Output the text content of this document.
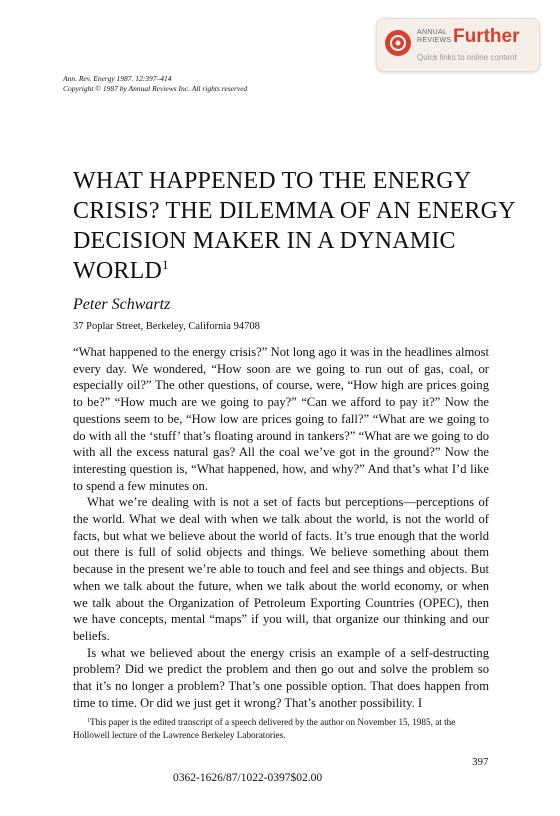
ANNUAL
REVIEWS Further
Quick links to online content
Ann. Rev. Energy 1987. 12:397–414
Copyright © 1987 by Annual Reviews Inc. All rights reserved
WHAT HAPPENED TO THE ENERGY CRISIS? THE DILEMMA OF AN ENERGY DECISION MAKER IN A DYNAMIC WORLD$^1$
Peter Schwartz
37 Poplar Street, Berkeley, California 94708

“What happened to the energy crisis?” Not long ago it was in the headlines almost every day. We wondered, “How soon are we going to run out of gas, coal, or especially oil?” The other questions, of course, were, “How high are prices going to be?” “How much are we going to pay?” “Can we afford to pay it?” Now the questions seem to be, “How low are prices going to fall?” “What are we going to do with all the ‘stuff’ that’s floating around in tankers?” “What are we going to do with all the excess natural gas? All the coal we’ve got in the ground?” Now the interesting question is, “What happened, how, and why?” And that’s what I’d like to spend a few minutes on.

What we’re dealing with is not a set of facts but perceptions—perceptions of the world. What we deal with when we talk about the world, is not the world of facts, but what we believe about the world of facts. It’s true enough that the world out there is full of solid objects and things. We believe something about them because in the present we’re able to touch and feel and see things and objects. But when we talk about the future, when we talk about the world economy, or when we talk about the Organization of Petroleum Exporting Countries (OPEC), then we have concepts, mental “maps” if you will, that organize our thinking and our beliefs.

Is what we believed about the energy crisis an example of a self-destructing problem? Did we predict the problem and then go out and solve the problem so that it’s no longer a problem? That’s one possible option. That does happen from time to time. Or did we just get it wrong? That’s another possibility. I

$^1$This paper is the edited transcript of a speech delivered by the author on November 15, 1985, at the Hollowell lecture of the Lawrence Berkeley Laboratories.

397
0362-1626/87/1022-0397$02.00
